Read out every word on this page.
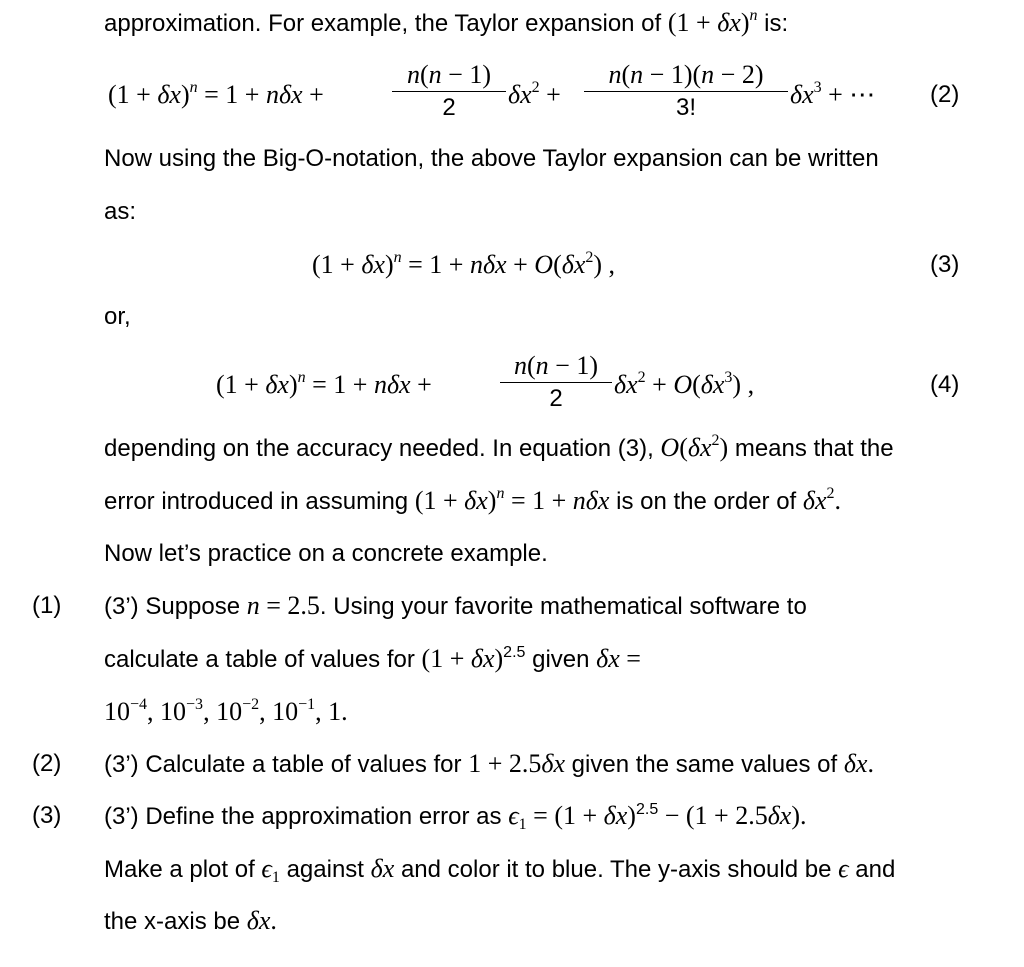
approximation. For example, the Taylor expansion of $(1 + \delta x)^n$ is:
$(1 + \delta x)^n = 1 + n\delta x$ +
n(n − 1)
2	$\delta x^2$ +
n(n − 1)(n − 2)
3!	$\delta x^3$ + ⋯ (2)
Now using the Big-O-notation, the above Taylor expansion can be written
as:
$(1 + \delta x)^n = 1 + n\delta x + O(\delta x^2)$ ,	(3)
or,
$(1 + \delta x)^n = 1 + n\delta x$ +
n(n − 1)
2	$\delta x^2 + O(\delta x^3)$ ,	(4)
depending on the accuracy needed. In equation (3), $O(\delta x^2)$ means that the
error introduced in assuming $(1 + \delta x)^n = 1 + n\delta x$ is on the order of $\delta x^2$.
Now let’s practice on a concrete example.
(1) (3’) Suppose n = 2.5. Using your favorite mathematical software to
calculate a table of values for $(1 + \delta x)^{2.5}$ given δx =
$10^{-4}$, $10^{-3}$, $10^{-2}$, $10^{-1}$, 1.
(2) (3’) Calculate a table of values for 1 + 2.5δx given the same values of δx.
(3) (3’) Define the approximation error as $\epsilon_1 = (1 + \delta x)^{2.5} - (1 + 2.5\delta x)$.
Make a plot of $\epsilon_1$ against δx and color it to blue. The y-axis should be ϵ and
the x-axis be δx.
